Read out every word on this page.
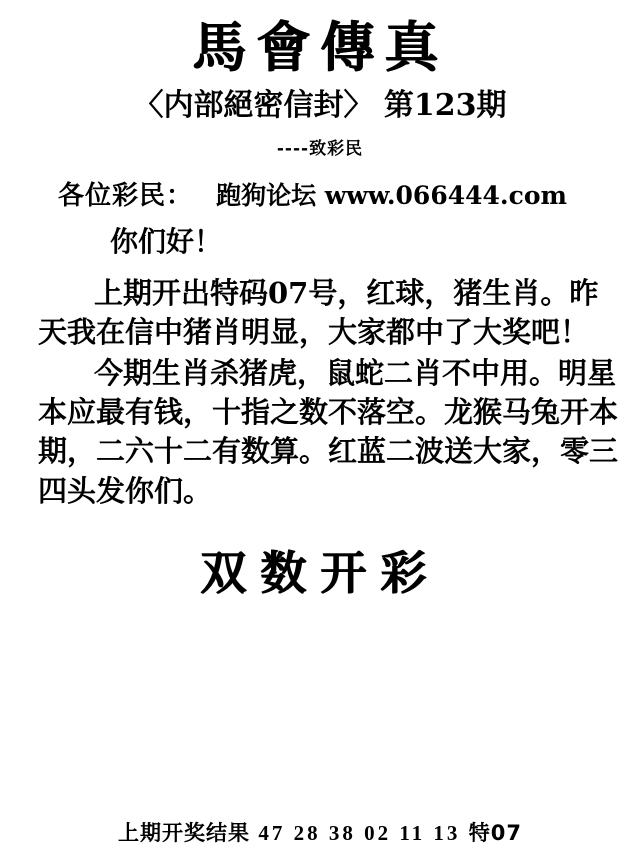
馬會傳真
〈内部絕密信封〉 第123期
----致彩民
各位彩民： 跑狗论坛 www.066444.com
你们好！

上期开出特码07号，红球，猪生肖。昨天我在信中猪肖明显，大家都中了大奖吧！

今期生肖杀猪虎，鼠蛇二肖不中用。明星本应最有钱，十指之数不落空。龙猴马兔开本期，二六十二有数算。红蓝二波送大家，零三四头发你们。

双数开彩
上期开奖结果 47 28 38 02 11 13 特07
